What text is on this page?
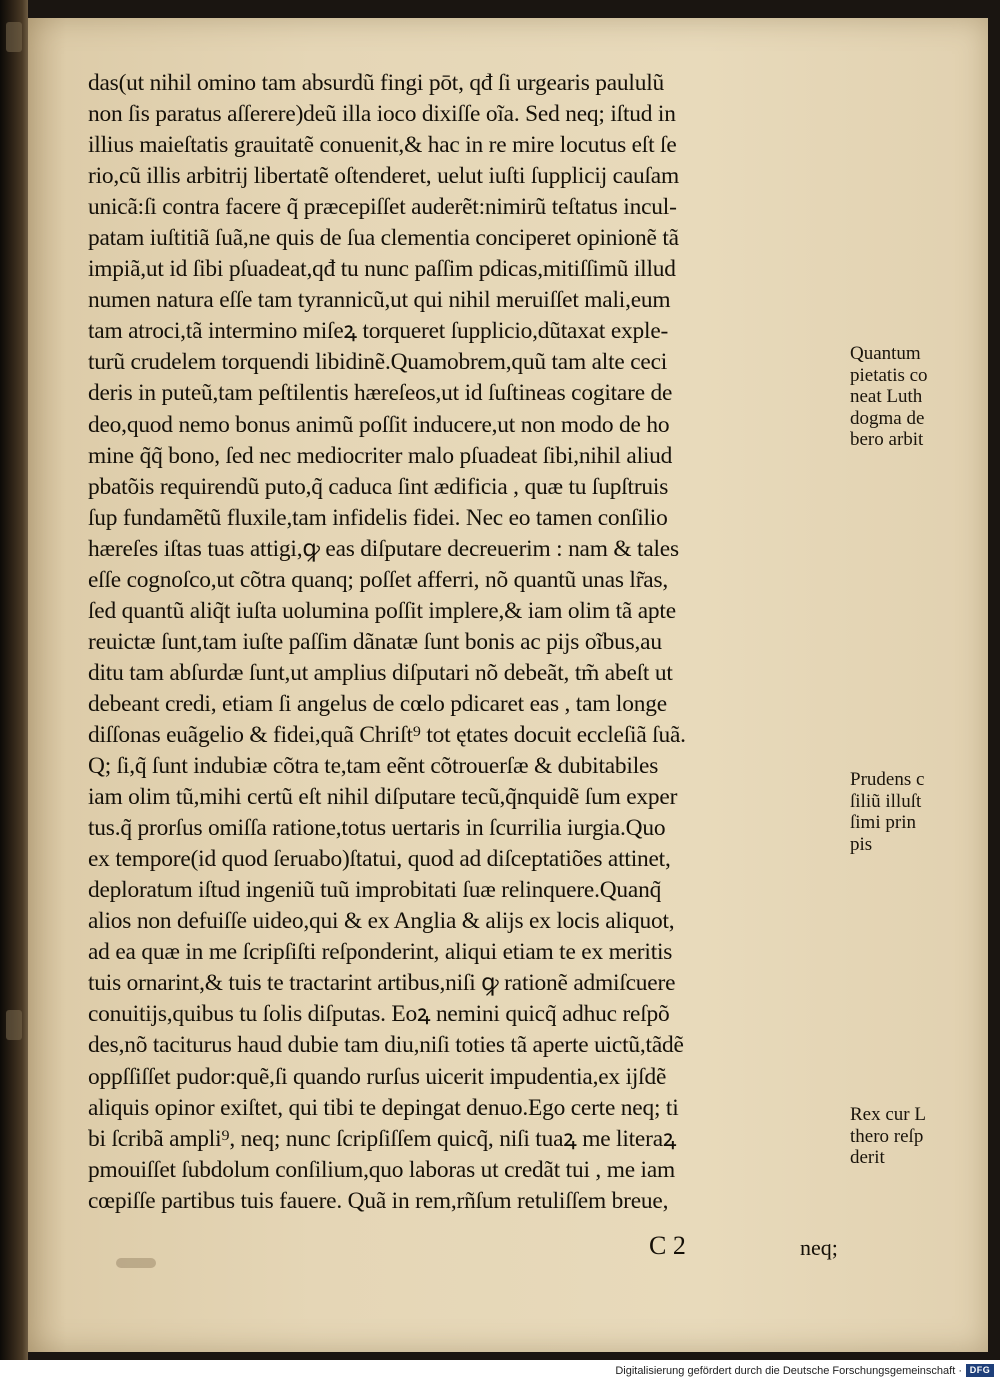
das(ut nihil omino tam absurdũ fingi pōt, qđ ſi urgearis paululũ
non ſis paratus aſſerere)deũ illa ioco dixiſſe oĩa. Sed neq; iſtud in
illius maieſtatis grauitatẽ conuenit,& hac in re mire locutus eſt ſe
rio,cũ illis arbitrij libertatẽ oſtenderet, uelut iuſti ſupplicij cauſam
unicã:ſi contra facere q̃ præcepiſſet auderẽt:nimirũ teſtatus incul-
patam iuſtitiã ſuã,ne quis de ſua clementia conciperet opinionẽ tã
impiã,ut id ſibi pſuadeat,qđ tu nunc paſſim pdicas,mitiſſimũ illud
numen natura eſſe tam tyrannicũ,ut qui nihil meruiſſet mali,eum
tam atroci,tã intermino miſeꝝ torqueret ſupplicio,dũtaxat exple-
turũ crudelem torquendi libidinẽ.Quamobrem,quũ tam alte ceci
deris in puteũ,tam peſtilentis hæreſeos,ut id ſuſtineas cogitare de
deo,quod nemo bonus animũ poſſit inducere,ut non modo de ho
mine q̃q̃ bono, ſed nec mediocriter malo pſuadeat ſibi,nihil aliud
pbatõis requirendũ puto,q̃ caduca ſint ædificia , quæ tu ſupſtruis
ſup fundamẽtũ fluxile,tam infidelis fidei. Nec eo tamen conſilio
hæreſes iſtas tuas attigi,ꝙ eas diſputare decreuerim : nam & tales
eſſe cognoſco,ut cõtra quanq; poſſet afferri, nõ quantũ unas lr̃as,
ſed quantũ aliq̃t iuſta uolumina poſſit implere,& iam olim tã apte
reuictæ ſunt,tam iuſte paſſim dãnatæ ſunt bonis ac pijs oĩbus,au
ditu tam abſurdæ ſunt,ut amplius diſputari nõ debeãt, tm̃ abeſt ut
debeant credi, etiam ſi angelus de cœlo pdicaret eas , tam longe
diſſonas euãgelio & fidei,quã Chriſt⁹ tot ętates docuit eccleſiã ſuã.
Q; ſi,q̃ ſunt indubiæ cõtra te,tam eẽnt cõtrouerſæ & dubitabiles
iam olim tũ,mihi certũ eſt nihil diſputare tecũ,q̃nquidẽ ſum exper
tus.q̃ prorſus omiſſa ratione,totus uertaris in ſcurrilia iurgia.Quo
ex tempore(id quod ſeruabo)ſtatui, quod ad diſceptatiões attinet,
deploratum iſtud ingeniũ tuũ improbitati ſuæ relinquere.Quanq̃
alios non defuiſſe uideo,qui & ex Anglia & alijs ex locis aliquot,
ad ea quæ in me ſcripſiſti reſponderint, aliqui etiam te ex meritis
tuis ornarint,& tuis te tractarint artibus,niſi ꝙ rationẽ admiſcuere
conuitijs,quibus tu ſolis diſputas. Eoꝝ nemini quicq̃ adhuc reſpõ
des,nõ taciturus haud dubie tam diu,niſi toties tã aperte uictũ,tãdẽ
oppſſiſſet pudor:quẽ,ſi quando rurſus uicerit impudentia,ex ijſdẽ
aliquis opinor exiſtet, qui tibi te depingat denuo.Ego certe neq; ti
bi ſcribã ampli⁹, neq; nunc ſcripſiſſem quicq̃, niſi tuaꝝ me literaꝝ
pmouiſſet ſubdolum conſilium,quo laboras ut credãt tui , me iam
cœpiſſe partibus tuis fauere. Quã in rem,rñſum retuliſſem breue,
Quantum
pietatis co
neat Luth
dogma de
bero arbit
Prudens c
ſiliũ illuſt
ſimi prin
pis
Rex cur L
thero reſp
derit
C 2	neq;
Digitalisierung gefördert durch die Deutsche Forschungsgemeinschaft · DFG
